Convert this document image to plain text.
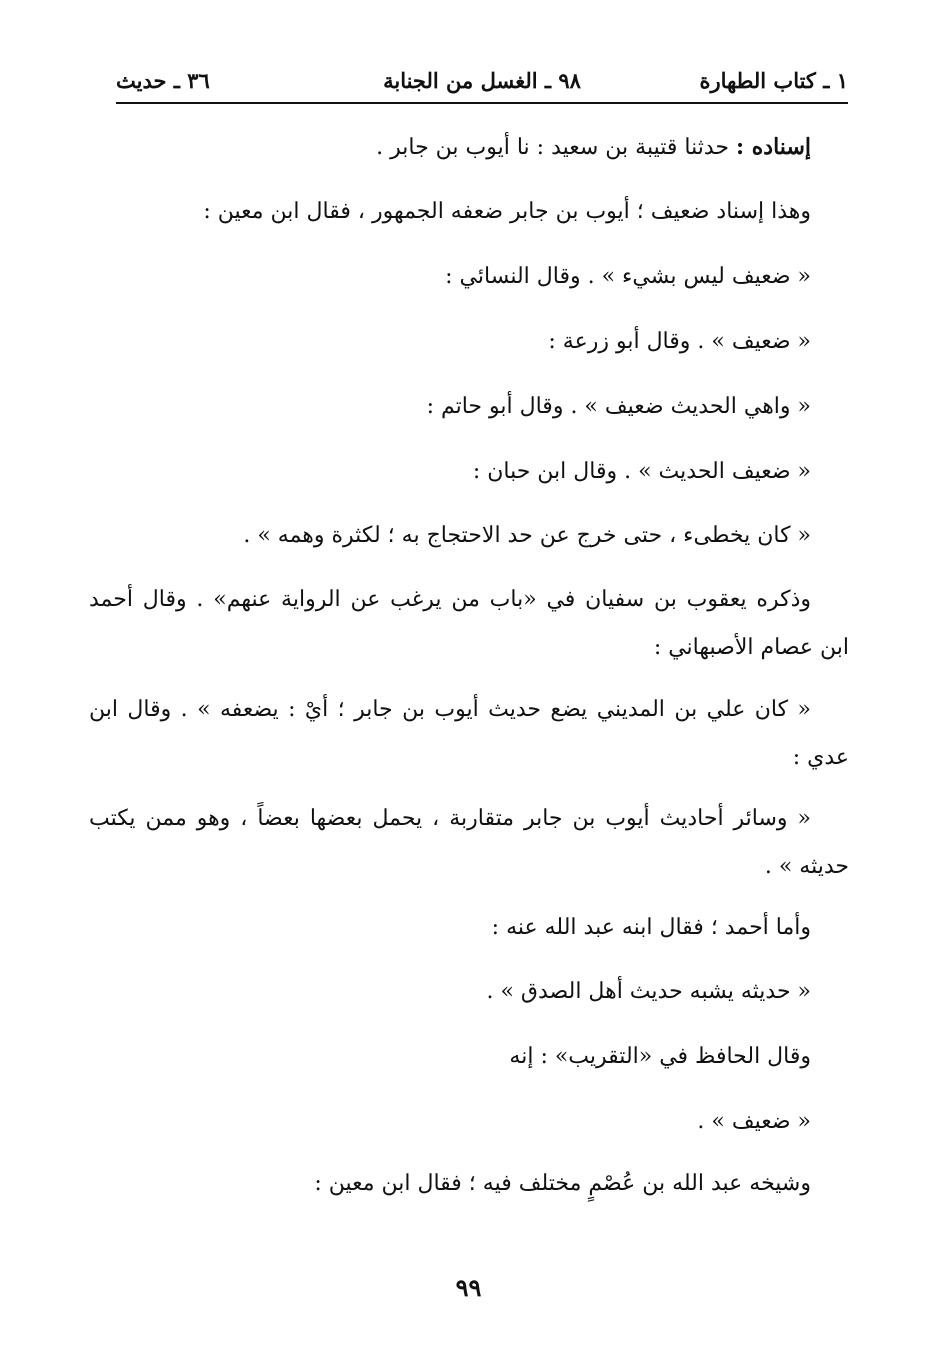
١ ـ كتاب الطهارة
٩٨ ـ الغسل من الجنابة
٣٦ ـ حديث
إسناده : حدثنا قتيبة بن سعيد : نا أيوب بن جابر .
وهذا إسناد ضعيف ؛ أيوب بن جابر ضعفه الجمهور ، فقال ابن معين :
« ضعيف ليس بشيء » . وقال النسائي :
« ضعيف » . وقال أبو زرعة :
« واهي الحديث ضعيف » . وقال أبو حاتم :
« ضعيف الحديث » . وقال ابن حبان :
« كان يخطىء ، حتى خرج عن حد الاحتجاج به ؛ لكثرة وهمه » .
وذكره يعقوب بن سفيان في «باب من يرغب عن الرواية عنهم» . وقال أحمد
ابن عصام الأصبهاني :
« كان علي بن المديني يضع حديث أيوب بن جابر ؛ أيْ : يضعفه » . وقال ابن
عدي :
« وسائر أحاديث أيوب بن جابر متقاربة ، يحمل بعضها بعضاً ، وهو ممن يكتب
حديثه » .
وأما أحمد ؛ فقال ابنه عبد الله عنه :
« حديثه يشبه حديث أهل الصدق » .
وقال الحافظ في «التقريب» : إنه
« ضعيف » .
وشيخه عبد الله بن عُصْمٍ مختلف فيه ؛ فقال ابن معين :
٩٩
